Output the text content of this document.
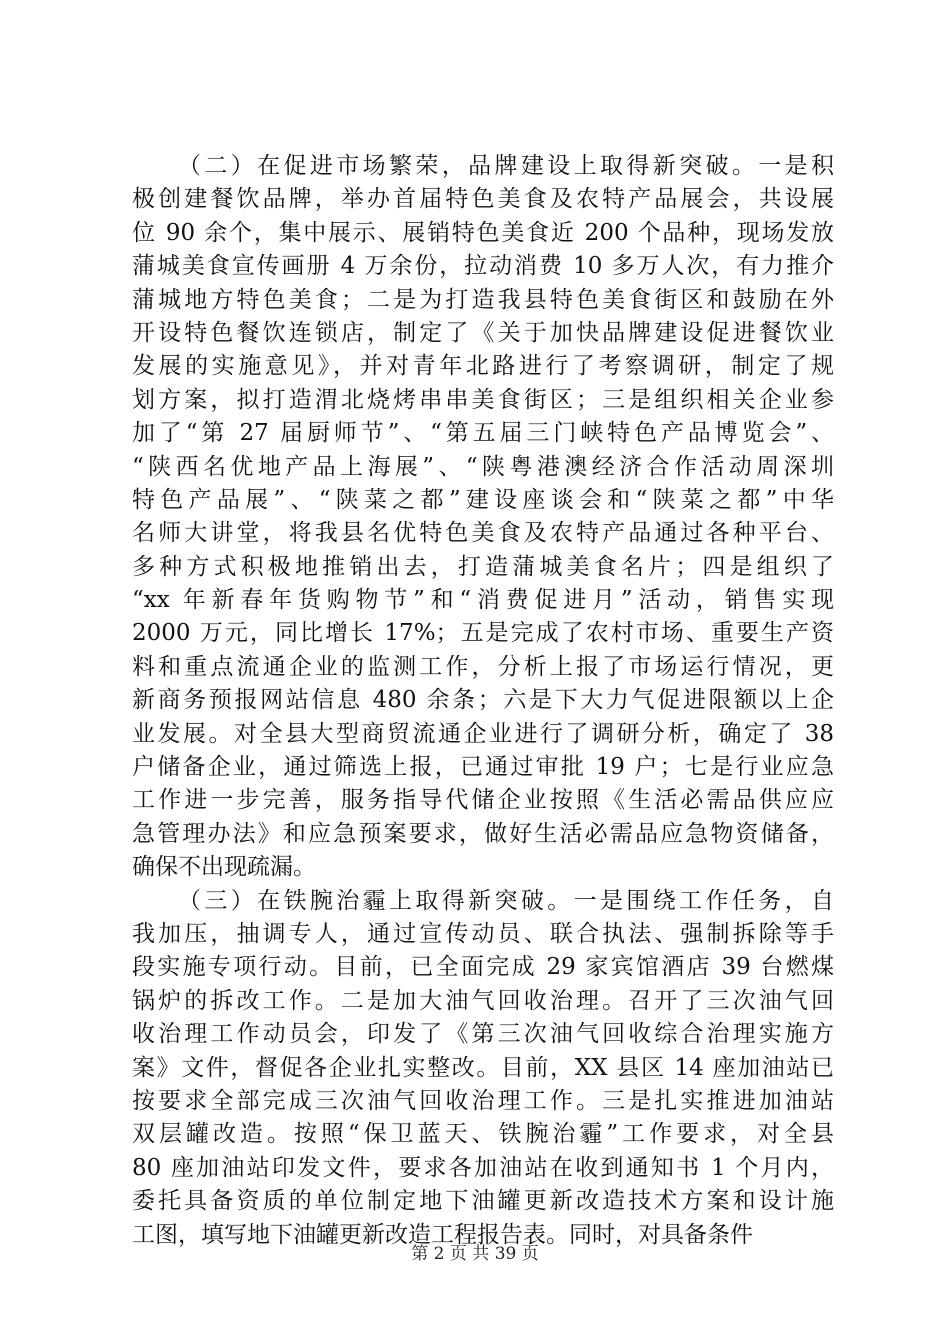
（二）在促进市场繁荣，品牌建设上取得新突破。一是积
极创建餐饮品牌，举办首届特色美食及农特产品展会，共设展
位 90 余个，集中展示、展销特色美食近 200 个品种，现场发放
蒲城美食宣传画册 4 万余份，拉动消费 10 多万人次，有力推介
蒲城地方特色美食；二是为打造我县特色美食街区和鼓励在外
开设特色餐饮连锁店，制定了《关于加快品牌建设促进餐饮业
发展的实施意见》，并对青年北路进行了考察调研，制定了规
划方案，拟打造渭北烧烤串串美食街区；三是组织相关企业参
加了“第 27 届厨师节”、“第五届三门峡特色产品博览会”、
“陕西名优地产品上海展”、“陕粤港澳经济合作活动周深圳
特色产品展”、“陕菜之都”建设座谈会和“陕菜之都”中华
名师大讲堂，将我县名优特色美食及农特产品通过各种平台、
多种方式积极地推销出去，打造蒲城美食名片；四是组织了
“xx 年新春年货购物节”和“消费促进月”活动，销售实现
2000 万元，同比增长 17%；五是完成了农村市场、重要生产资
料和重点流通企业的监测工作，分析上报了市场运行情况，更
新商务预报网站信息 480 余条；六是下大力气促进限额以上企
业发展。对全县大型商贸流通企业进行了调研分析，确定了 38
户储备企业，通过筛选上报，已通过审批 19 户；七是行业应急
工作进一步完善，服务指导代储企业按照《生活必需品供应应
急管理办法》和应急预案要求，做好生活必需品应急物资储备，
确保不出现疏漏。
（三）在铁腕治霾上取得新突破。一是围绕工作任务，自
我加压，抽调专人，通过宣传动员、联合执法、强制拆除等手
段实施专项行动。目前，已全面完成 29 家宾馆酒店 39 台燃煤
锅炉的拆改工作。二是加大油气回收治理。召开了三次油气回
收治理工作动员会，印发了《第三次油气回收综合治理实施方
案》文件，督促各企业扎实整改。目前，XX 县区 14 座加油站已
按要求全部完成三次油气回收治理工作。三是扎实推进加油站
双层罐改造。按照“保卫蓝天、铁腕治霾”工作要求，对全县
80 座加油站印发文件，要求各加油站在收到通知书 1 个月内，
委托具备资质的单位制定地下油罐更新改造技术方案和设计施
工图，填写地下油罐更新改造工程报告表。同时，对具备条件
第 2 页 共 39 页
